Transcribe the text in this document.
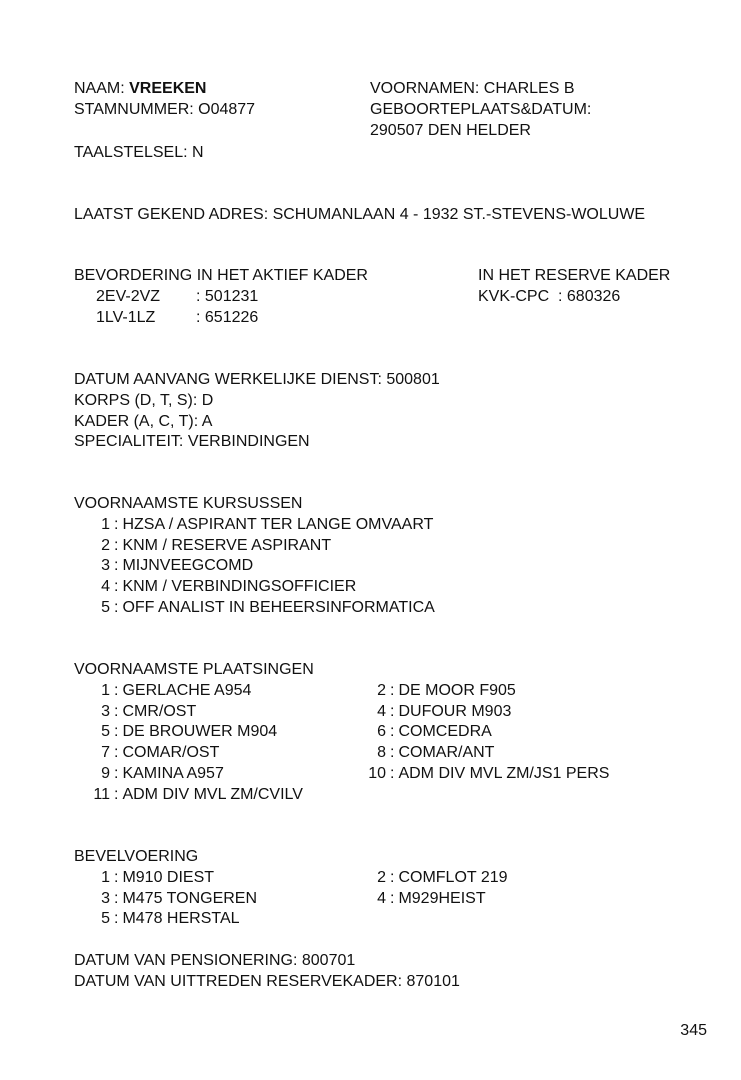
NAAM: VREEKEN
STAMNUMMER: O04877
TAALSTELSEL: N
VOORNAMEN: CHARLES B
GEBOORTEPLAATS&DATUM:
290507 DEN HELDER
LAATST GEKEND ADRES: SCHUMANLAAN 4 - 1932 ST.-STEVENS-WOLUWE
BEVORDERING IN HET AKTIEF KADER
2EV-2VZ : 501231
1LV-1LZ	: 651226
IN HET RESERVE KADER
KVK-CPC  : 680326
DATUM AANVANG WERKELIJKE DIENST: 500801
KORPS (D, T, S): D
KADER (A, C, T): A
SPECIALITEIT: VERBINDINGEN
VOORNAAMSTE KURSUSSEN
1 : HZSA / ASPIRANT TER LANGE OMVAART
2 : KNM / RESERVE ASPIRANT
3 : MIJNVEEGCOMD
4 : KNM / VERBINDINGSOFFICIER
5 : OFF ANALIST IN BEHEERSINFORMATICA
VOORNAAMSTE PLAATSINGEN
1 : GERLACHE A954
3 : CMR/OST
5 : DE BROUWER M904
7 : COMAR/OST
9 : KAMINA A957
11 : ADM DIV MVL ZM/CVILV
2 : DE MOOR F905
4 : DUFOUR M903
6 : COMCEDRA
8 : COMAR/ANT
10 : ADM DIV MVL ZM/JS1 PERS
BEVELVOERING
1 : M910 DIEST
3 : M475 TONGEREN
5 : M478 HERSTAL
2 : COMFLOT 219
4 : M929HEIST
DATUM VAN PENSIONERING: 800701
DATUM VAN UITTREDEN RESERVEKADER: 870101
345
